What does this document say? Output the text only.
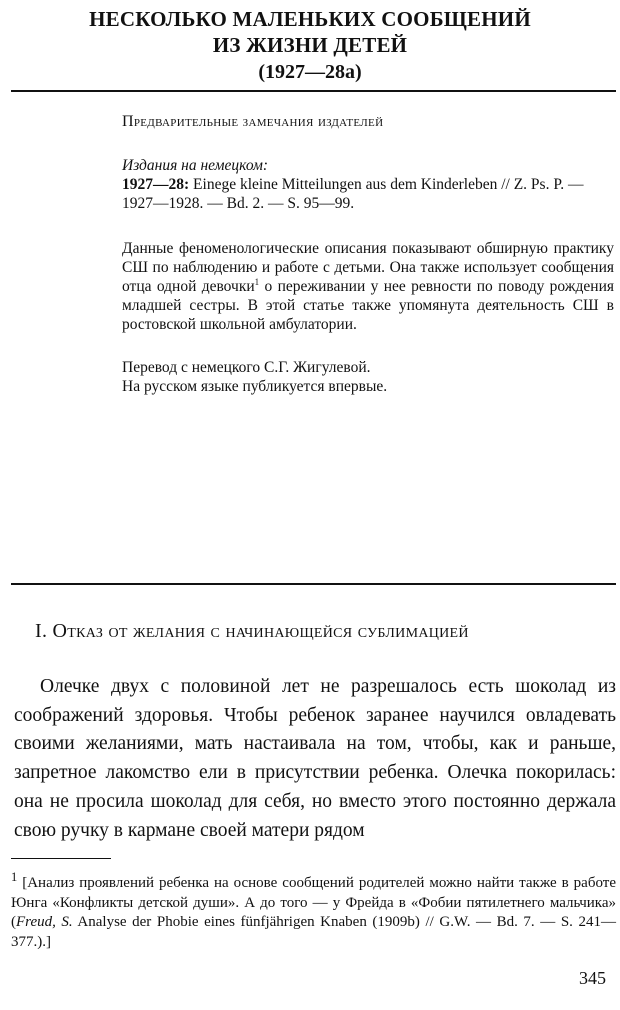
НЕСКОЛЬКО МАЛЕНЬКИХ СООБЩЕНИЙ
ИЗ ЖИЗНИ ДЕТЕЙ
(1927—28а)
Предварительные замечания издателей
Издания на немецком:
1927—28: Einege kleine Mitteilungen aus dem Kinderleben // Z. Ps. P. — 1927—1928. — Bd. 2. — S. 95—99.
Данные феноменологические описания показывают обширную практику СШ по наблюдению и работе с детьми. Она также использует сообщения отца одной девочки$^1$ о переживании у нее ревности по поводу рождения младшей сестры. В этой статье также упомянута деятельность СШ в ростовской школьной амбулатории.
Перевод с немецкого С.Г. Жигулевой.
На русском языке публикуется впервые.
I. Отказ от желания с начинающейся сублимацией
Олечке двух с половиной лет не разрешалось есть шоколад из соображений здоровья. Чтобы ребенок заранее научился овладевать своими желаниями, мать настаивала на том, чтобы, как и раньше, запретное лакомство ели в присутствии ребенка. Олечка покорилась: она не просила шоколад для себя, но вместо этого постоянно держала свою ручку в кармане своей матери рядом
$^1$ [Анализ проявлений ребенка на основе сообщений родителей можно найти также в работе Юнга «Конфликты детской души». А до того — у Фрейда в «Фобии пятилетнего мальчика» (Freud, S. Analyse der Phobie eines fünfjährigen Knaben (1909b) // G.W. — Bd. 7. — S. 241—377.).]
345
